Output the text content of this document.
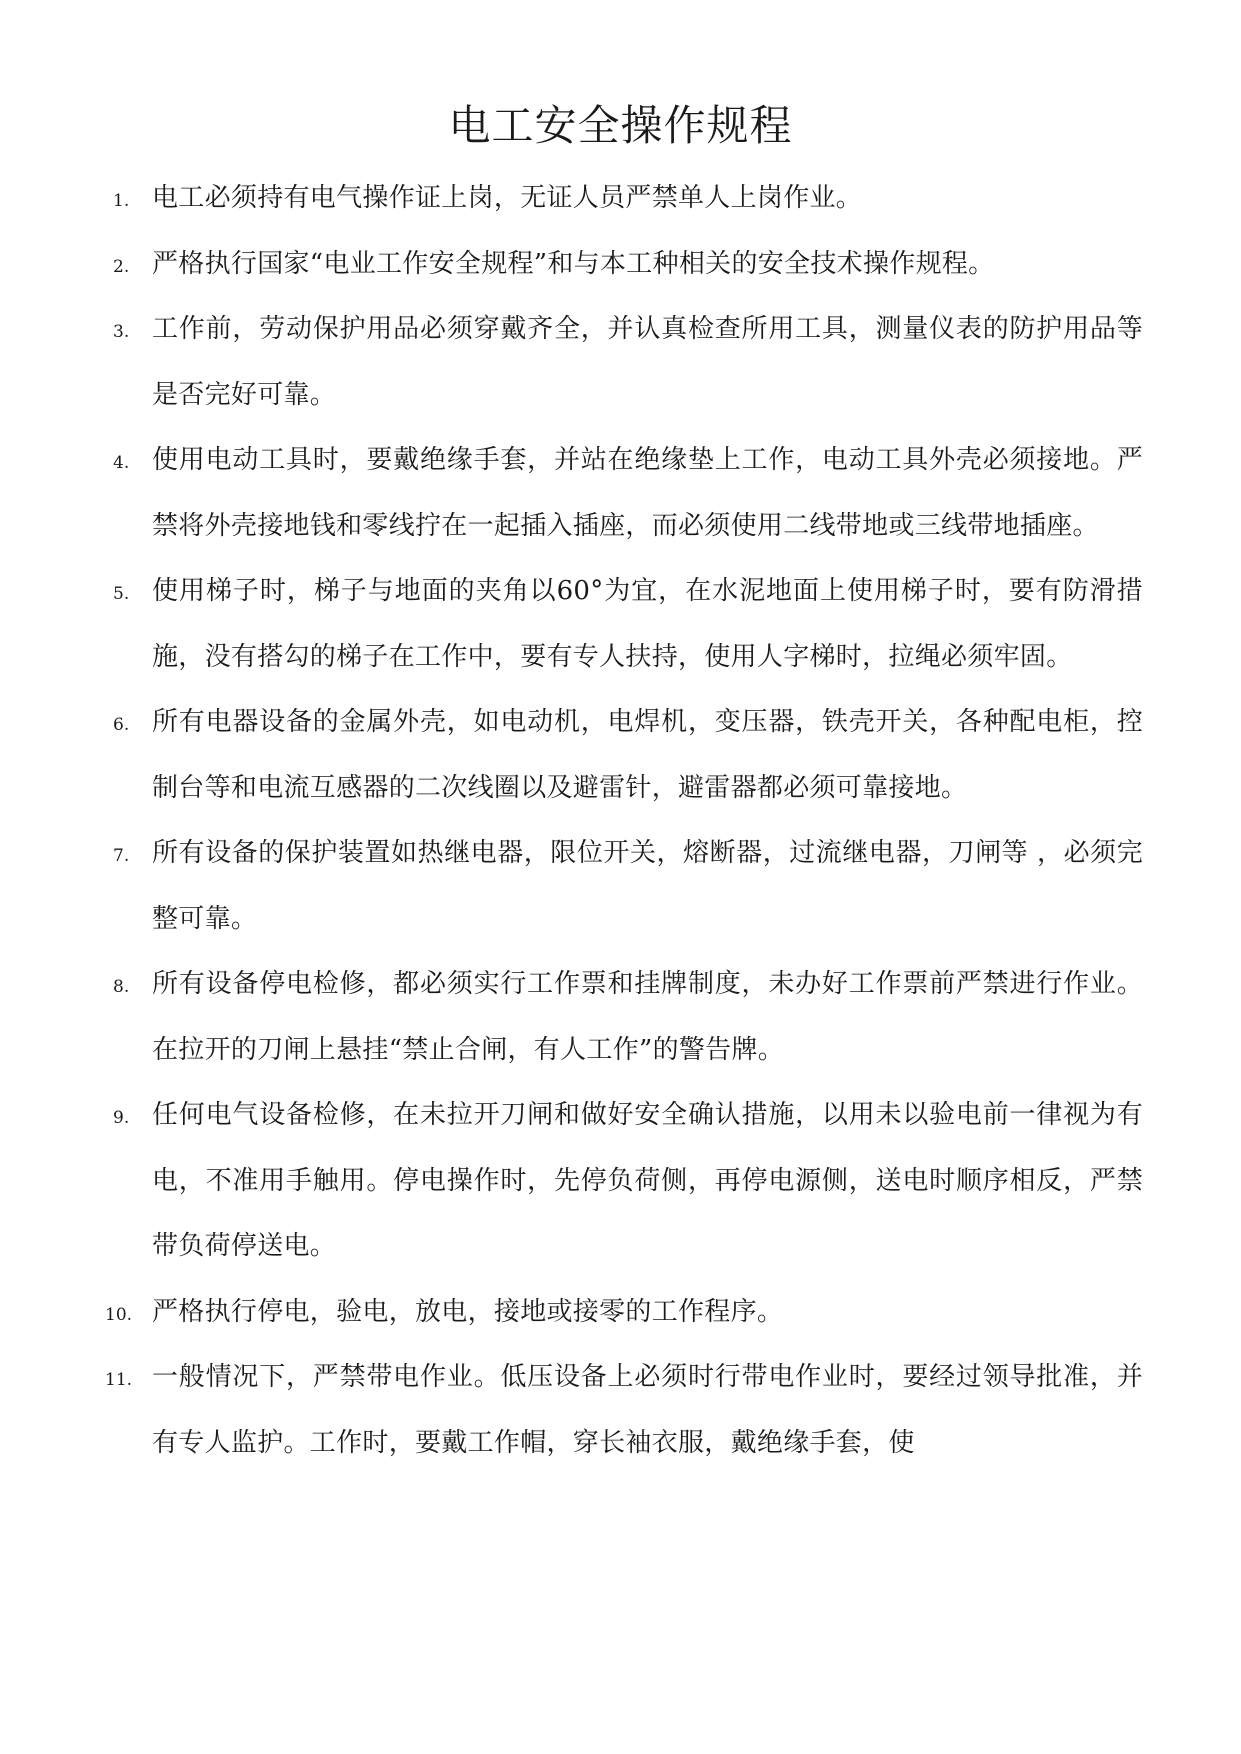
电工安全操作规程
1. 电工必须持有电气操作证上岗，无证人员严禁单人上岗作业。
2. 严格执行国家“电业工作安全规程”和与本工种相关的安全技术操作规程。
3. 工作前，劳动保护用品必须穿戴齐全，并认真检查所用工具，测量仪表的防护用品等是否完好可靠。
4. 使用电动工具时，要戴绝缘手套，并站在绝缘垫上工作，电动工具外壳必须接地。严禁将外壳接地钱和零线拧在一起插入插座，而必须使用二线带地或三线带地插座。
5. 使用梯子时，梯子与地面的夹角以60°为宜，在水泥地面上使用梯子时，要有防滑措施，没有搭勾的梯子在工作中，要有专人扶持，使用人字梯时，拉绳必须牢固。
6. 所有电器设备的金属外壳，如电动机，电焊机，变压器，铁壳开关，各种配电柜，控制台等和电流互感器的二次线圈以及避雷针，避雷器都必须可靠接地。
7. 所有设备的保护装置如热继电器，限位开关，熔断器，过流继电器，刀闸等 ，必须完整可靠。
8. 所有设备停电检修，都必须实行工作票和挂牌制度，未办好工作票前严禁进行作业。在拉开的刀闸上悬挂“禁止合闸，有人工作”的警告牌。
9. 任何电气设备检修，在未拉开刀闸和做好安全确认措施，以用未以验电前一律视为有电，不准用手触用。停电操作时，先停负荷侧，再停电源侧，送电时顺序相反，严禁带负荷停送电。
10. 严格执行停电，验电，放电，接地或接零的工作程序。
11. 一般情况下，严禁带电作业。低压设备上必须时行带电作业时，要经过领导批准，并有专人监护。工作时，要戴工作帽，穿长袖衣服，戴绝缘手套，使
